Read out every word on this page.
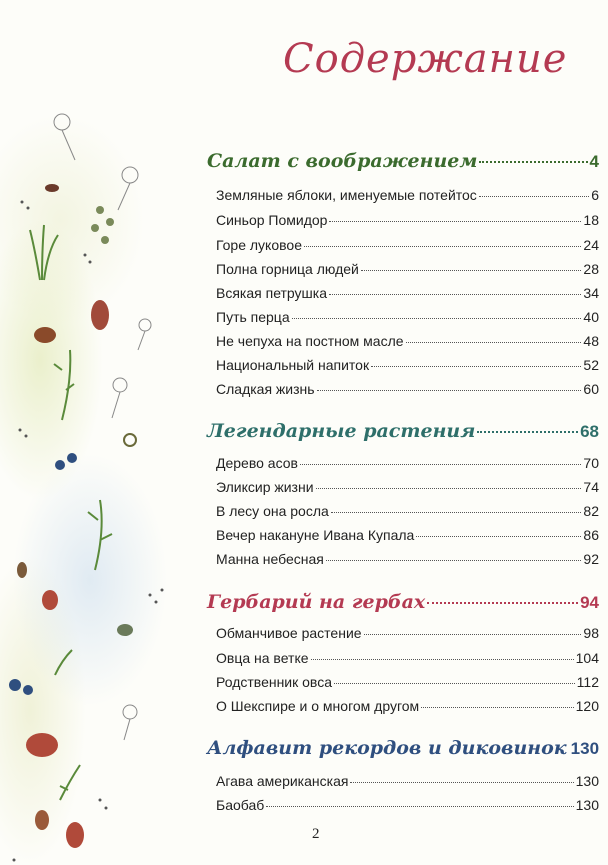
Содержание
Салат с воображением	4
Земляные яблоки, именуемые потейтос	6
Синьор Помидор	18
Горе луковое	24
Полна горница людей	28
Всякая петрушка	34
Путь перца	40
Не чепуха на постном масле	48
Национальный напиток	52
Сладкая жизнь	60
Легендарные растения	68
Дерево асов	70
Эликсир жизни	74
В лесу она росла	82
Вечер накануне Ивана Купала	86
Манна небесная	92
Гербарий на гербах	94
Обманчивое растение	98
Овца на ветке	104
Родственник овса	112
О Шекспире и о многом другом	120
Алфавит рекордов и диковинок 130
Агава американская	130
Баобаб	130
2
